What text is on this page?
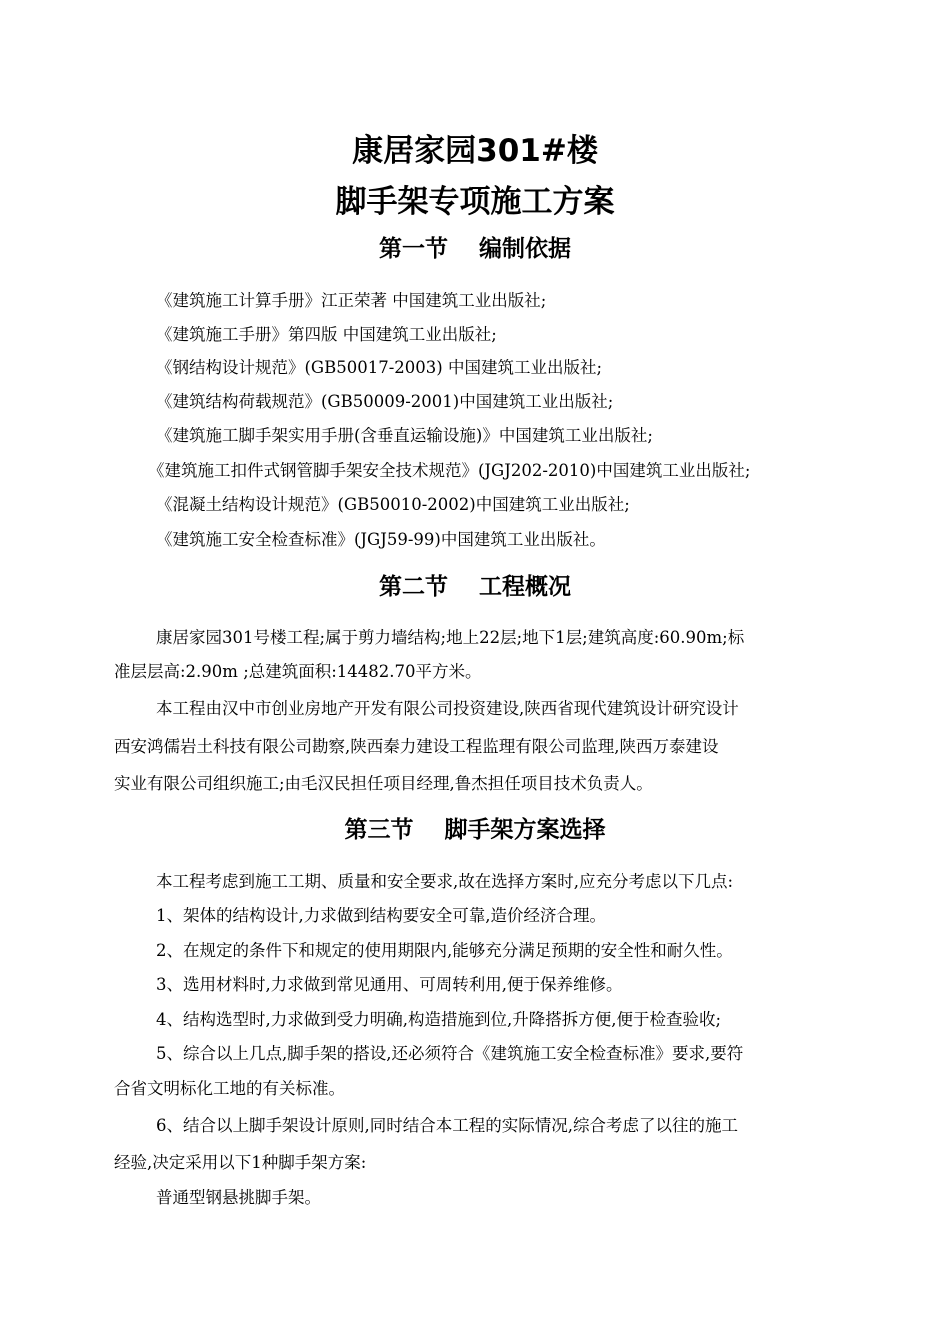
康居家园301#楼
脚手架专项施工方案
第一节　 编制依据
《建筑施工计算手册》江正荣著 中国建筑工业出版社;
《建筑施工手册》第四版 中国建筑工业出版社;
《钢结构设计规范》(GB50017-2003) 中国建筑工业出版社;
《建筑结构荷载规范》(GB50009-2001)中国建筑工业出版社;
《建筑施工脚手架实用手册(含垂直运输设施)》中国建筑工业出版社;
《建筑施工扣件式钢管脚手架安全技术规范》(JGJ202-2010)中国建筑工业出版社;
《混凝土结构设计规范》(GB50010-2002)中国建筑工业出版社;
《建筑施工安全检查标准》(JGJ59-99)中国建筑工业出版社。
第二节　 工程概况
康居家园301号楼工程;属于剪力墙结构;地上22层;地下1层;建筑高度:60.90m;标
准层层高:2.90m ;总建筑面积:14482.70平方米。
本工程由汉中市创业房地产开发有限公司投资建设,陕西省现代建筑设计研究设计
西安鸿儒岩土科技有限公司勘察,陕西秦力建设工程监理有限公司监理,陕西万泰建设
实业有限公司组织施工;由毛汉民担任项目经理,鲁杰担任项目技术负责人。
第三节　 脚手架方案选择
本工程考虑到施工工期、质量和安全要求,故在选择方案时,应充分考虑以下几点:
1、架体的结构设计,力求做到结构要安全可靠,造价经济合理。
2、在规定的条件下和规定的使用期限内,能够充分满足预期的安全性和耐久性。
3、选用材料时,力求做到常见通用、可周转利用,便于保养维修。
4、结构选型时,力求做到受力明确,构造措施到位,升降搭拆方便,便于检查验收;
5、综合以上几点,脚手架的搭设,还必须符合《建筑施工安全检查标准》要求,要符
合省文明标化工地的有关标准。
6、结合以上脚手架设计原则,同时结合本工程的实际情况,综合考虑了以往的施工
经验,决定采用以下1种脚手架方案:
普通型钢悬挑脚手架。
